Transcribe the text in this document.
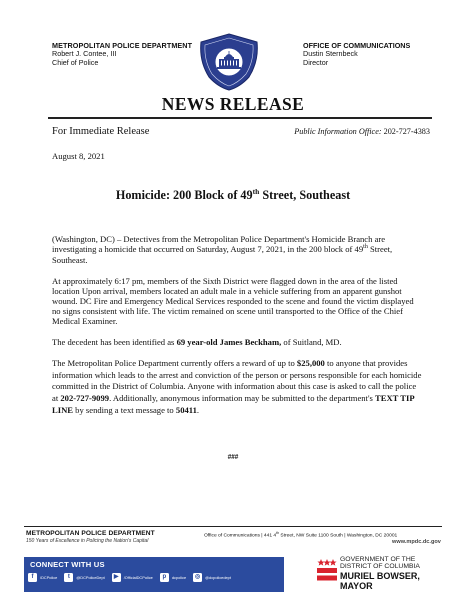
METROPOLITAN POLICE DEPARTMENT
Robert J. Contee, III
Chief of Police
OFFICE OF COMMUNICATIONS
Dustin Sternbeck
Director
NEWS RELEASE
For Immediate Release	Public Information Office: 202-727-4383
August 8, 2021
Homicide: 200 Block of 49th Street, Southeast

(Washington, DC) – Detectives from the Metropolitan Police Department's Homicide Branch are investigating a homicide that occurred on Saturday, August 7, 2021, in the 200 block of 49th Street, Southeast.

At approximately 6:17 pm, members of the Sixth District were flagged down in the area of the listed location Upon arrival, members located an adult male in a vehicle suffering from an apparent gunshot wound. DC Fire and Emergency Medical Services responded to the scene and found the victim displayed no signs consistent with life. The victim remained on scene until transported to the Office of the Chief Medical Examiner.

The decedent has been identified as 69 year-old James Beckham, of Suitland, MD.

The Metropolitan Police Department currently offers a reward of up to $25,000 to anyone that provides information which leads to the arrest and conviction of the person or persons responsible for each homicide committed in the District of Columbia. Anyone with information about this case is asked to call the police at 202-727-9099. Additionally, anonymous information may be submitted to the department's TEXT TIP LINE by sending a text message to 50411.

###
METROPOLITAN POLICE DEPARTMENT
150 Years of Excellence in Policing the Nation's Capital
Office of Communications | 441 4th Street, NW Suite 1100 South | Washington, DC 20001
www.mpdc.dc.gov
CONNECT WITH US
f	/DCPolice	t	@DCPoliceDept	▶	/OfficialDCPolice	p	dcpolice	◎	@dcpolicedept
GOVERNMENT OF THE
DISTRICT OF COLUMBIA
MURIEL BOWSER, MAYOR
